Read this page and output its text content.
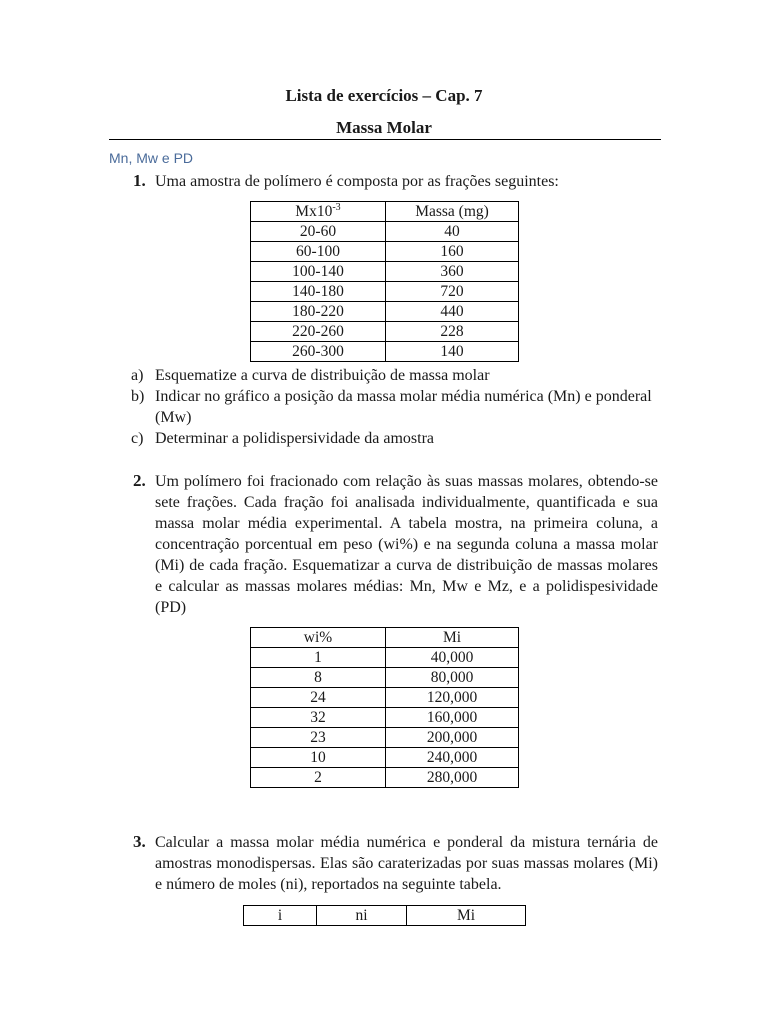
Lista de exercícios – Cap. 7
Massa Molar
Mn, Mw e PD
1. Uma amostra de polímero é composta por as frações seguintes:
$Mx10^{-3}$	Massa (mg)
20-60	40
60-100	160
100-140	360
140-180	720
180-220	440
220-260	228
260-300	140
a) Esquematize a curva de distribuição de massa molar
b) Indicar no gráfico a posição da massa molar média numérica (Mn) e ponderal (Mw)
c) Determinar a polidispersividade da amostra
2. Um polímero foi fracionado com relação às suas massas molares, obtendo-se sete frações. Cada fração foi analisada individualmente, quantificada e sua massa molar média experimental. A tabela mostra, na primeira coluna, a concentração porcentual em peso (wi%) e na segunda coluna a massa molar (Mi) de cada fração. Esquematizar a curva de distribuição de massas molares e calcular as massas molares médias: Mn, Mw e Mz, e a polidispesividade (PD)
wi%	Mi
1	40,000
8	80,000
24	120,000
32	160,000
23	200,000
10	240,000
2	280,000
3. Calcular a massa molar média numérica e ponderal da mistura ternária de amostras monodispersas. Elas são caraterizadas por suas massas molares (Mi) e número de moles (ni), reportados na seguinte tabela.
i	ni	Mi
